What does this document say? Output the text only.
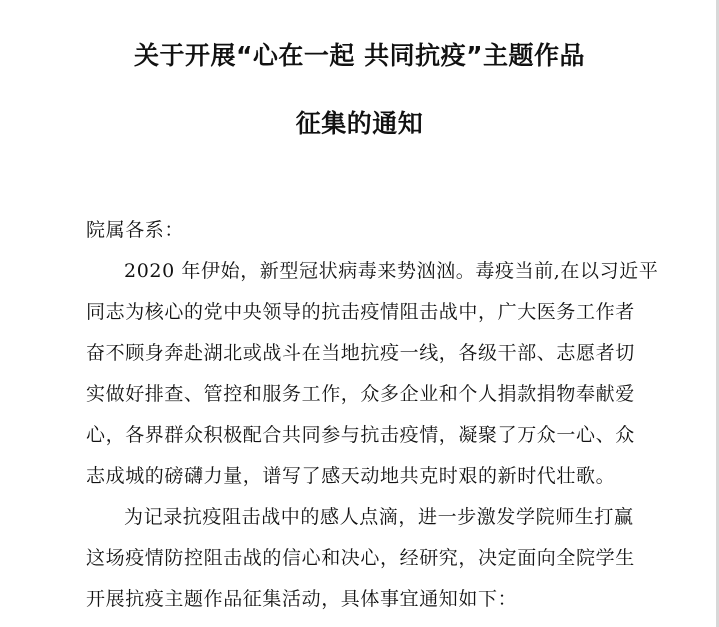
关于开展“心在一起 共同抗疫”主题作品
征集的通知
院属各系：
2020 年伊始，新型冠状病毒来势汹汹。毒疫当前,在以习近平
同志为核心的党中央领导的抗击疫情阻击战中，广大医务工作者
奋不顾身奔赴湖北或战斗在当地抗疫一线，各级干部、志愿者切
实做好排查、管控和服务工作，众多企业和个人捐款捐物奉献爱
心，各界群众积极配合共同参与抗击疫情，凝聚了万众一心、众
志成城的磅礴力量，谱写了感天动地共克时艰的新时代壮歌。
为记录抗疫阻击战中的感人点滴，进一步激发学院师生打赢
这场疫情防控阻击战的信心和决心，经研究，决定面向全院学生
开展抗疫主题作品征集活动，具体事宜通知如下：
